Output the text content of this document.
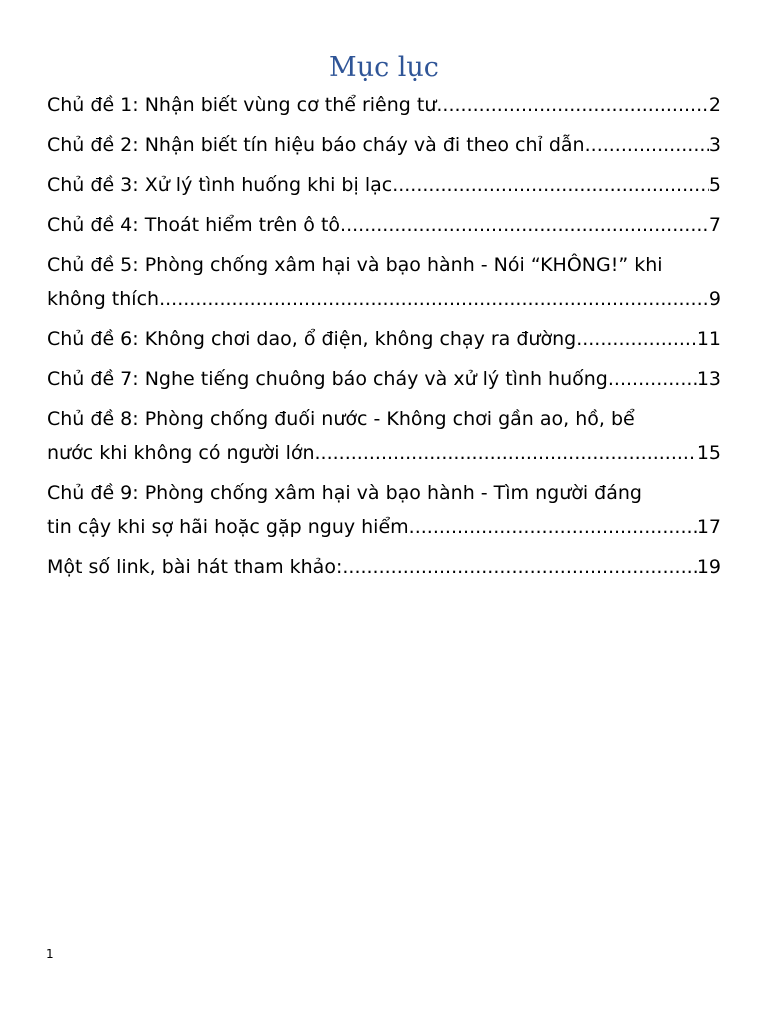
Mục lục
Chủ đề 1: Nhận biết vùng cơ thể riêng tư .....	2
Chủ đề 2: Nhận biết tín hiệu báo cháy và đi theo chỉ dẫn .....	3
Chủ đề 3: Xử lý tình huống khi bị lạc .....	5
Chủ đề 4: Thoát hiểm trên ô tô .....	7
Chủ đề 5: Phòng chống xâm hại và bạo hành - Nói “KHÔNG!” khi
không thích .....	9
Chủ đề 6: Không chơi dao, ổ điện, không chạy ra đường .....	11
Chủ đề 7: Nghe tiếng chuông báo cháy và xử lý tình huống .....	13
Chủ đề 8: Phòng chống đuối nước - Không chơi gần ao, hồ, bể
nước khi không có người lớn .....	15
Chủ đề 9: Phòng chống xâm hại và bạo hành - Tìm người đáng
tin cậy khi sợ hãi hoặc gặp nguy hiểm .....	17
Một số link, bài hát tham khảo: .....	19
1
